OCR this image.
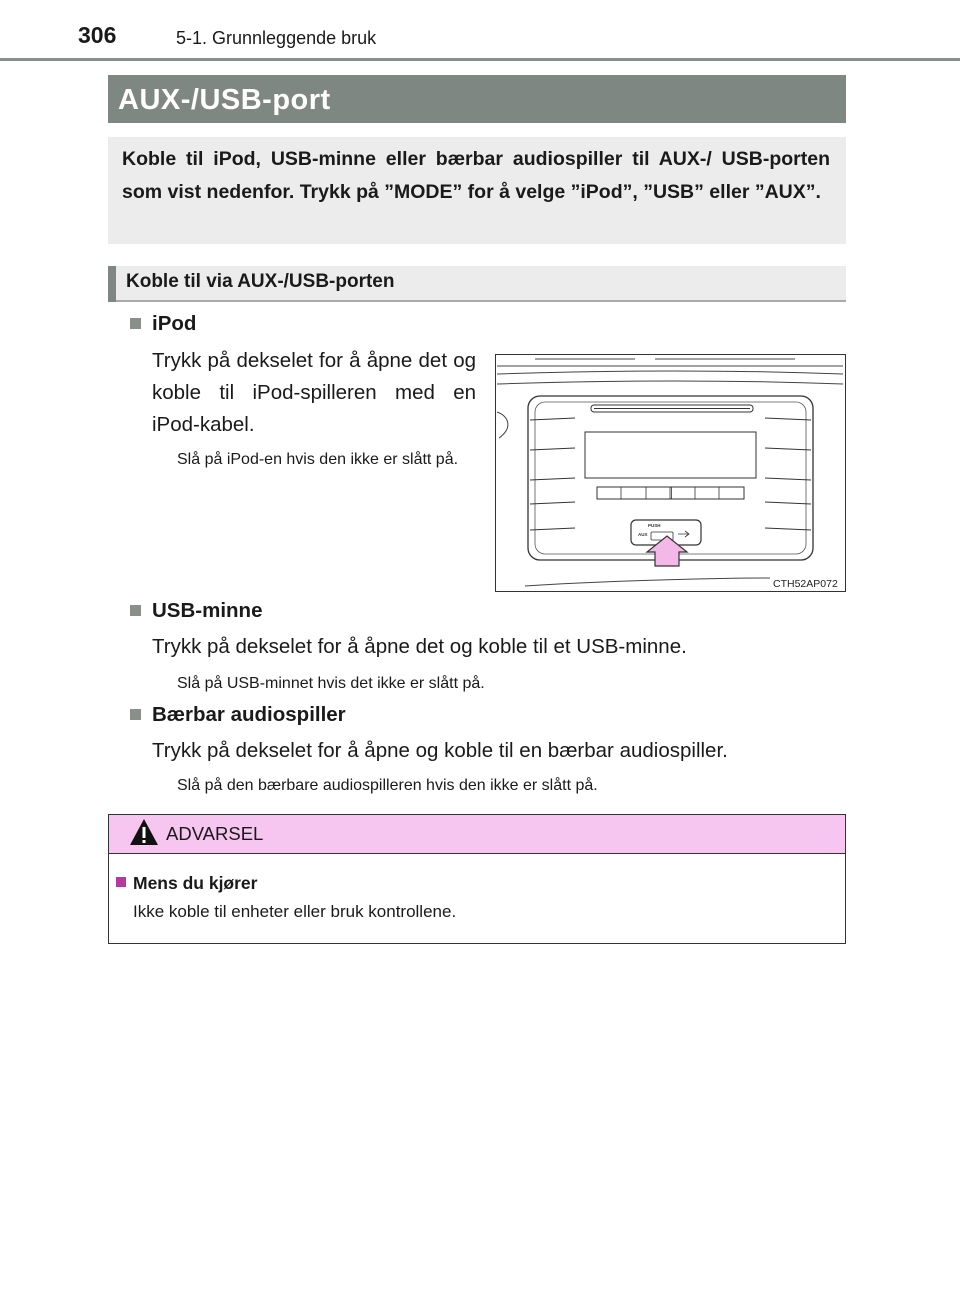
306	5-1. Grunnleggende bruk
AUX-/USB-port
Koble til iPod, USB-minne eller bærbar audiospiller til AUX-/ USB-porten som vist nedenfor. Trykk på ”MODE” for å velge ”iPod”, ”USB” eller ”AUX”.
Koble til via AUX-/USB-porten
iPod
Trykk på dekselet for å åpne det og koble til iPod-spilleren med en iPod-kabel.
Slå på iPod-en hvis den ikke er slått på.
PUSH
AUX
CTH52AP072
USB-minne
Trykk på dekselet for å åpne det og koble til et USB-minne.
Slå på USB-minnet hvis det ikke er slått på.
Bærbar audiospiller
Trykk på dekselet for å åpne og koble til en bærbar audiospiller.
Slå på den bærbare audiospilleren hvis den ikke er slått på.
ADVARSEL
Mens du kjører
Ikke koble til enheter eller bruk kontrollene.
